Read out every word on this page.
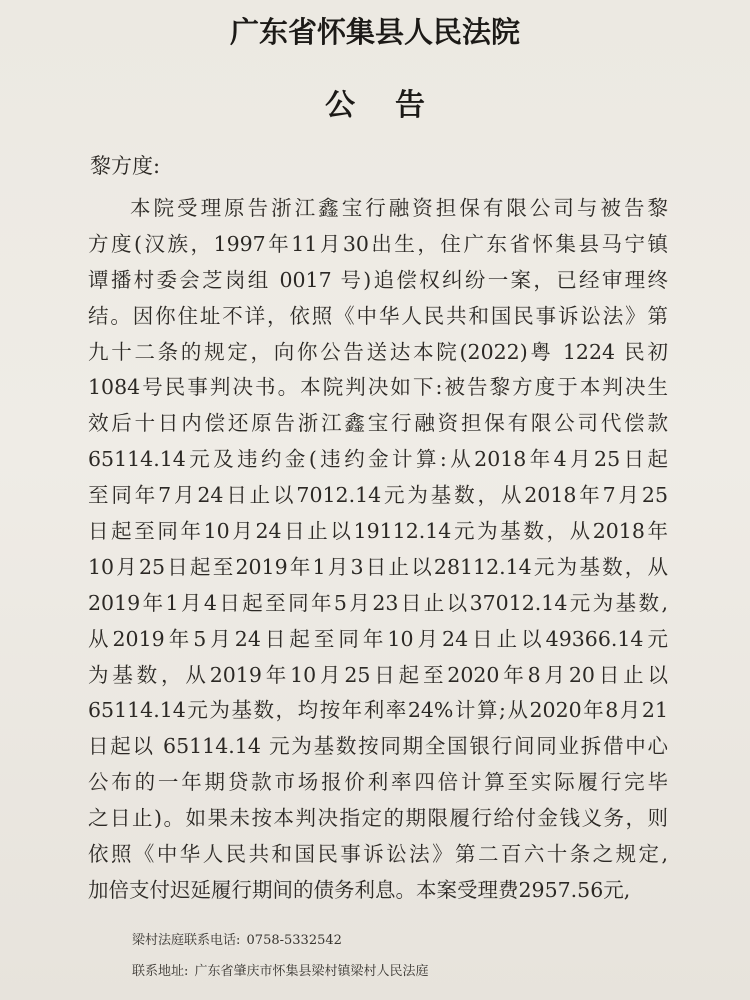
广东省怀集县人民法院
公告
黎方度:
本院受理原告浙江鑫宝行融资担保有限公司与被告黎
方度(汉族，1997年11月30出生，住广东省怀集县马宁镇
谭播村委会芝岗组 0017 号)追偿权纠纷一案，已经审理终
结。因你住址不详，依照《中华人民共和国民事诉讼法》第
九十二条的规定，向你公告送达本院(2022)粤 1224 民初
1084号民事判决书。本院判决如下:被告黎方度于本判决生
效后十日内偿还原告浙江鑫宝行融资担保有限公司代偿款
65114.14元及违约金(违约金计算:从2018年4月25日起
至同年7月24日止以7012.14元为基数，从2018年7月25
日起至同年10月24日止以19112.14元为基数，从2018年
10月25日起至2019年1月3日止以28112.14元为基数，从
2019年1月4日起至同年5月23日止以37012.14元为基数,
从2019年5月24日起至同年10月24日止以49366.14元
为基数，从2019年10月25日起至2020年8月20日止以
65114.14元为基数，均按年利率24%计算;从2020年8月21
日起以 65114.14 元为基数按同期全国银行间同业拆借中心
公布的一年期贷款市场报价利率四倍计算至实际履行完毕
之日止)。如果未按本判决指定的期限履行给付金钱义务，则
依照《中华人民共和国民事诉讼法》第二百六十条之规定,
加倍支付迟延履行期间的债务利息。本案受理费2957.56元,
梁村法庭联系电话: 0758-5332542
联系地址: 广东省肇庆市怀集县梁村镇梁村人民法庭
